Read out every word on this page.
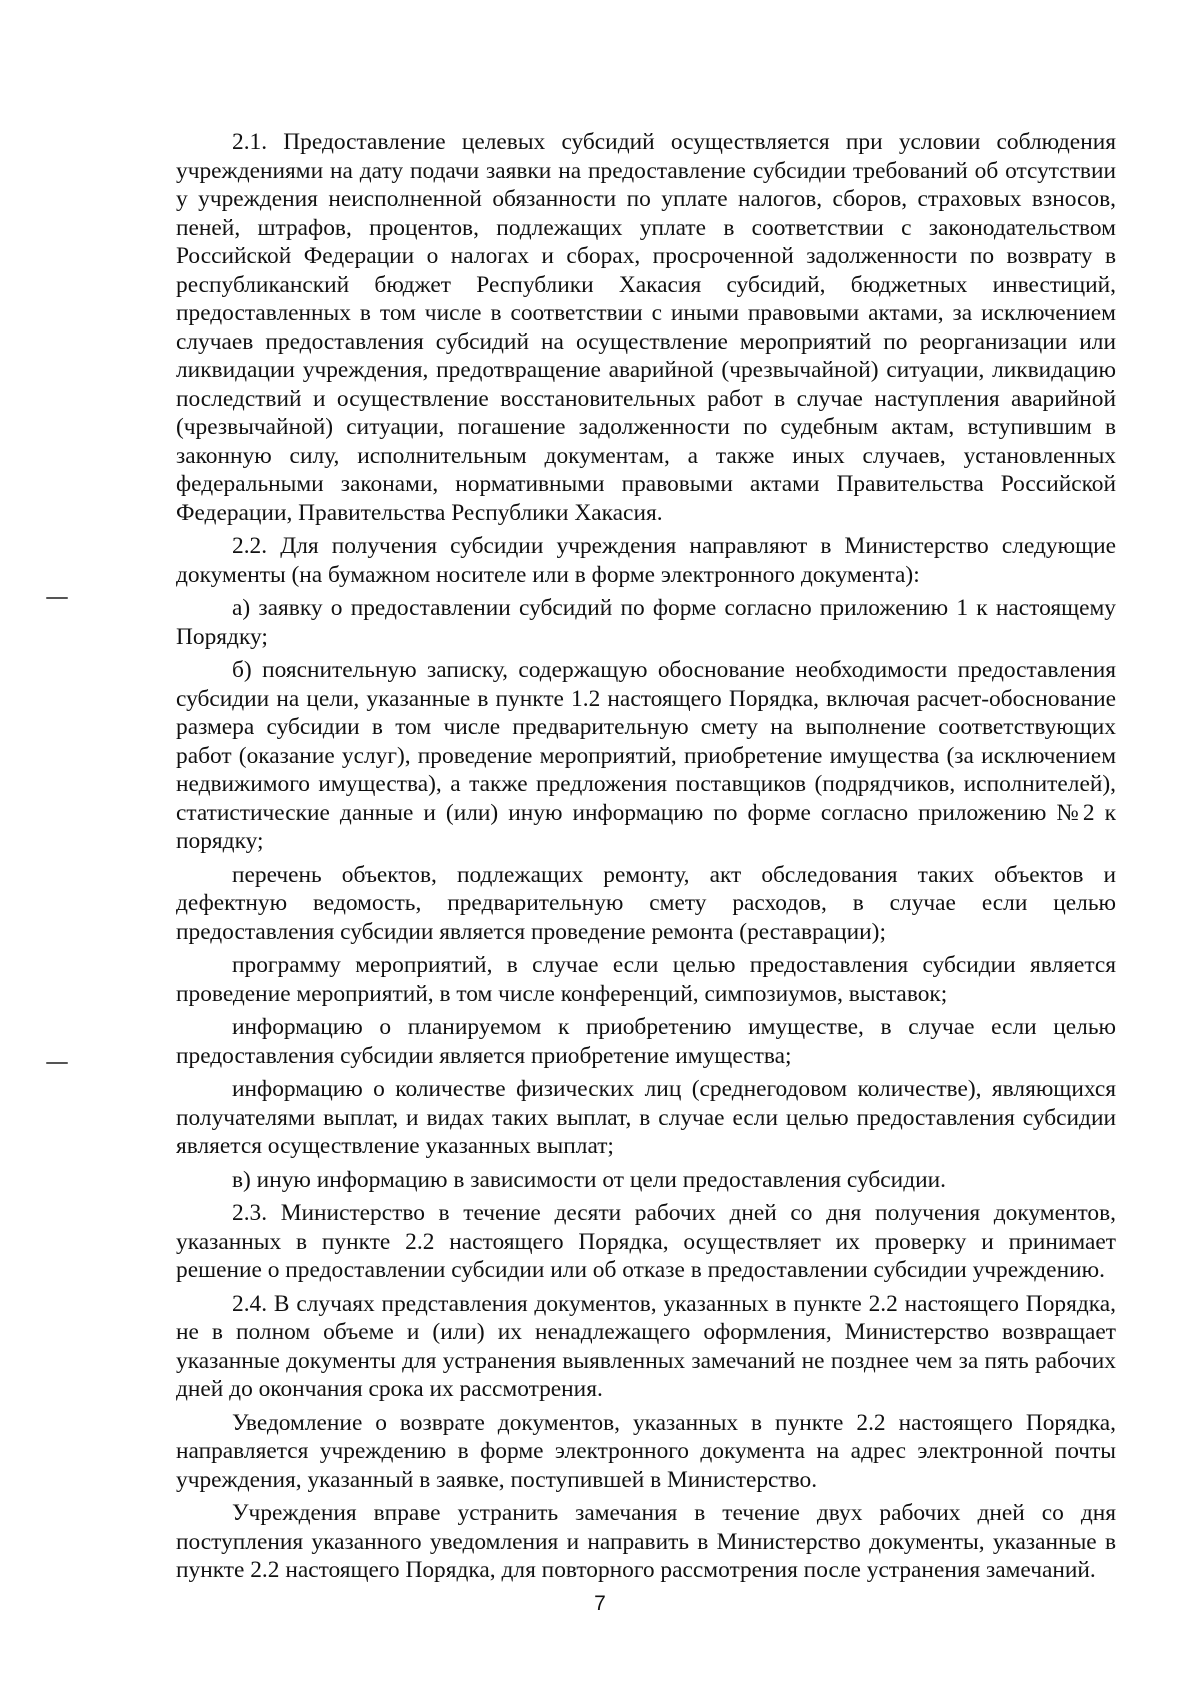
2.1. Предоставление целевых субсидий осуществляется при условии соблюдения учреждениями на дату подачи заявки на предоставление субсидии требований об отсутствии у учреждения неисполненной обязанности по уплате налогов, сборов, страховых взносов, пеней, штрафов, процентов, подлежащих уплате в соответствии с законодательством Российской Федерации о налогах и сборах, просроченной задолженности по возврату в республиканский бюджет Республики Хакасия субсидий, бюджетных инвестиций, предоставленных в том числе в соответствии с иными правовыми актами, за исключением случаев предоставления субсидий на осуществление мероприятий по реорганизации или ликвидации учреждения, предотвращение аварийной (чрезвычайной) ситуации, ликвидацию последствий и осуществление восстановительных работ в случае наступления аварийной (чрезвычайной) ситуации, погашение задолженности по судебным актам, вступившим в законную силу, исполнительным документам, а также иных случаев, установленных федеральными законами, нормативными правовыми актами Правительства Российской Федерации, Правительства Республики Хакасия.

2.2. Для получения субсидии учреждения направляют в Министерство следующие документы (на бумажном носителе или в форме электронного документа):

а) заявку о предоставлении субсидий по форме согласно приложению 1 к настоящему Порядку;

б) пояснительную записку, содержащую обоснование необходимости предоставления субсидии на цели, указанные в пункте 1.2 настоящего Порядка, включая расчет-обоснование размера субсидии в том числе предварительную смету на выполнение соответствующих работ (оказание услуг), проведение мероприятий, приобретение имущества (за исключением недвижимого имущества), а также предложения поставщиков (подрядчиков, исполнителей), статистические данные и (или) иную информацию по форме согласно приложению №2 к порядку;

перечень объектов, подлежащих ремонту, акт обследования таких объектов и дефектную ведомость, предварительную смету расходов, в случае если целью предоставления субсидии является проведение ремонта (реставрации);

программу мероприятий, в случае если целью предоставления субсидии является проведение мероприятий, в том числе конференций, симпозиумов, выставок;

информацию о планируемом к приобретению имуществе, в случае если целью предоставления субсидии является приобретение имущества;

информацию о количестве физических лиц (среднегодовом количестве), являющихся получателями выплат, и видах таких выплат, в случае если целью предоставления субсидии является осуществление указанных выплат;

в) иную информацию в зависимости от цели предоставления субсидии.

2.3. Министерство в течение десяти рабочих дней со дня получения документов, указанных в пункте 2.2 настоящего Порядка, осуществляет их проверку и принимает решение о предоставлении субсидии или об отказе в предоставлении субсидии учреждению.

2.4. В случаях представления документов, указанных в пункте 2.2 настоящего Порядка, не в полном объеме и (или) их ненадлежащего оформления, Министерство возвращает указанные документы для устранения выявленных замечаний не позднее чем за пять рабочих дней до окончания срока их рассмотрения.

Уведомление о возврате документов, указанных в пункте 2.2 настоящего Порядка, направляется учреждению в форме электронного документа на адрес электронной почты учреждения, указанный в заявке, поступившей в Министерство.

Учреждения вправе устранить замечания в течение двух рабочих дней со дня поступления указанного уведомления и направить в Министерство документы, указанные в пункте 2.2 настоящего Порядка, для повторного рассмотрения после устранения замечаний.

7
